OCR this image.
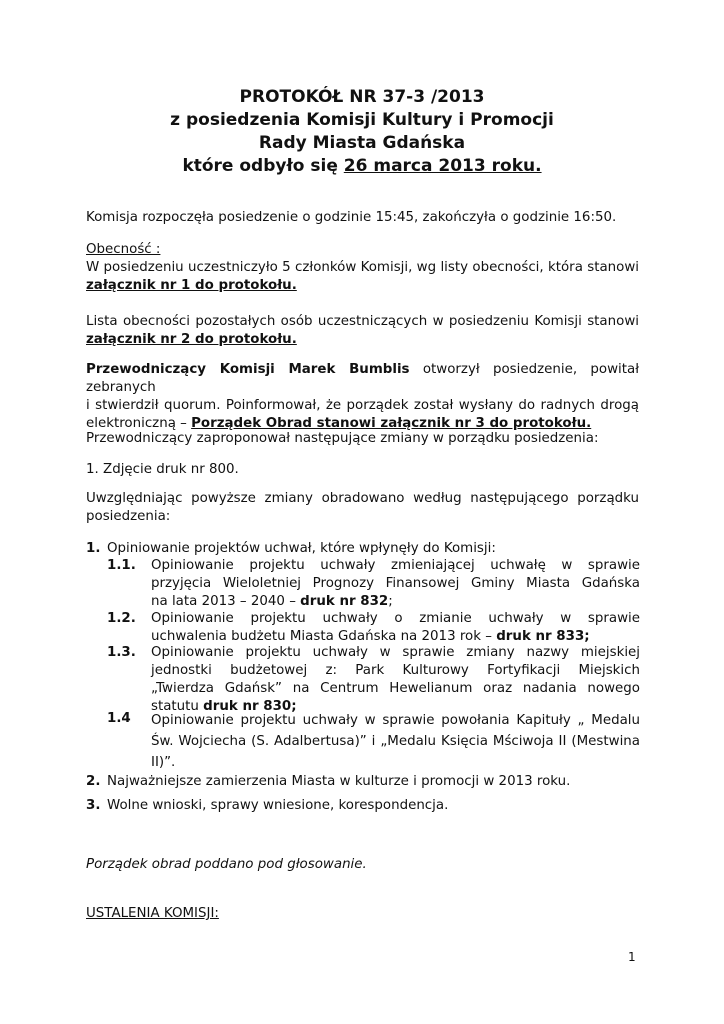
PROTOKÓŁ NR 37-3 /2013
z posiedzenia Komisji Kultury i Promocji
Rady Miasta Gdańska
które odbyło się 26 marca 2013 roku.
Komisja rozpoczęła posiedzenie o godzinie 15:45, zakończyła o godzinie 16:50.
Obecność :
W posiedzeniu uczestniczyło 5 członków Komisji, wg listy obecności, która stanowi
załącznik nr 1 do protokołu.
Lista obecności pozostałych osób uczestniczących w posiedzeniu Komisji stanowi
załącznik nr 2 do protokołu.
Przewodniczący Komisji Marek Bumblis otworzył posiedzenie, powitał zebranych
i stwierdził quorum. Poinformował, że porządek został wysłany do radnych drogą
elektroniczną – Porządek Obrad stanowi załącznik nr 3 do protokołu.
Przewodniczący zaproponował następujące zmiany w porządku posiedzenia:
1. Zdjęcie druk nr 800.
Uwzględniając powyższe zmiany obradowano według następującego porządku
posiedzenia:
1. Opiniowanie projektów uchwał, które wpłynęły do Komisji:
1.1. Opiniowanie projektu uchwały zmieniającej uchwałę w sprawie
przyjęcia Wieloletniej Prognozy Finansowej Gminy Miasta Gdańska
na lata 2013 – 2040 – druk nr 832;
1.2. Opiniowanie projektu uchwały o zmianie uchwały w sprawie
uchwalenia budżetu Miasta Gdańska na 2013 rok – druk nr 833;
1.3. Opiniowanie projektu uchwały w sprawie zmiany nazwy miejskiej
jednostki budżetowej z: Park Kulturowy Fortyfikacji Miejskich
„Twierdza Gdańsk” na Centrum Hewelianum oraz nadania nowego
statutu druk nr 830;
1.4 Opiniowanie projektu uchwały w sprawie powołania Kapituły „ Medalu
Św. Wojciecha (S. Adalbertusa)” i „Medalu Księcia Mściwoja II (Mestwina
II)”.
2. Najważniejsze zamierzenia Miasta w kulturze i promocji w 2013 roku.
3. Wolne wnioski, sprawy wniesione, korespondencja.
Porządek obrad poddano pod głosowanie.
USTALENIA KOMISJI:
1
